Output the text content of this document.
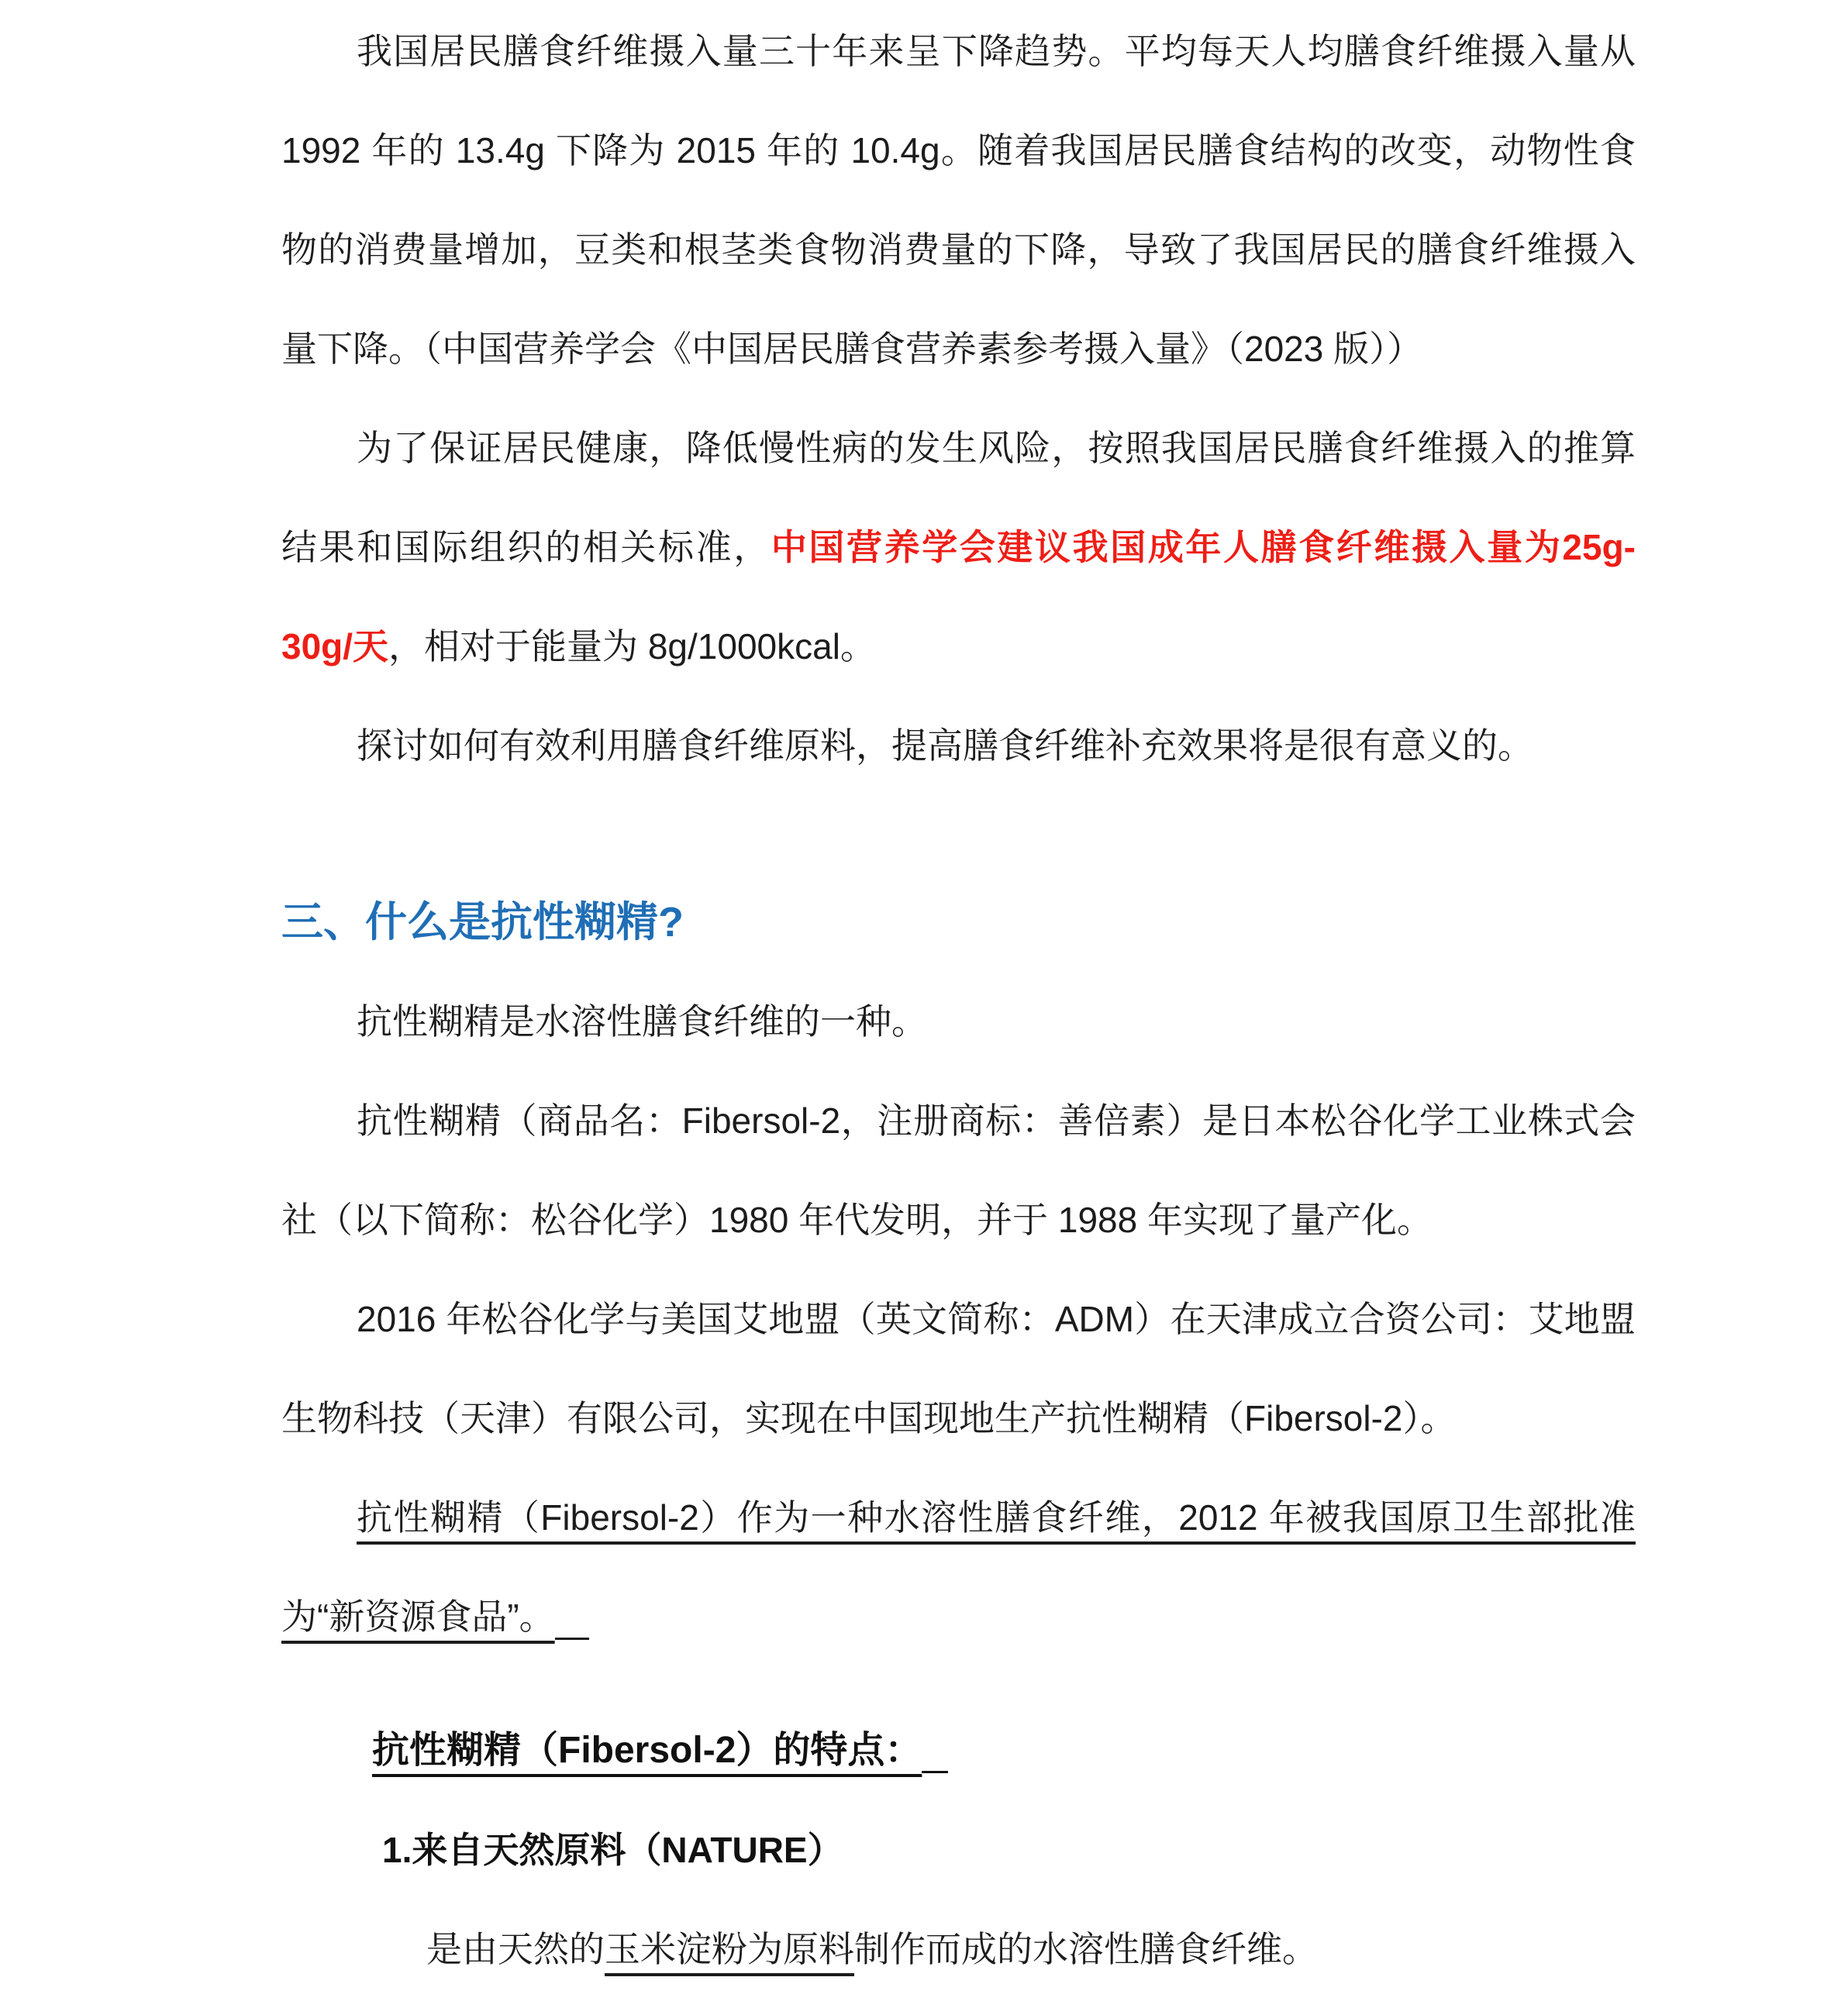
我国居民膳食纤维摄入量三十年来呈下降趋势。平均每天人均膳食纤维摄入量从 1992 年的 13.4g 下降为 2015 年的 10.4g。随着我国居民膳食结构的改变，动物性食物的消费量增加，豆类和根茎类食物消费量的下降，导致了我国居民的膳食纤维摄入量下降。（中国营养学会《中国居民膳食营养素参考摄入量》（2023 版））

为了保证居民健康，降低慢性病的发生风险，按照我国居民膳食纤维摄入的推算结果和国际组织的相关标准，中国营养学会建议我国成年人膳食纤维摄入量为25g-30g/天，相对于能量为 8g/1000kcal。

探讨如何有效利用膳食纤维原料，提高膳食纤维补充效果将是很有意义的。

三、什么是抗性糊精?

抗性糊精是水溶性膳食纤维的一种。

抗性糊精（商品名：Fibersol-2，注册商标：善倍素）是日本松谷化学工业株式会社（以下简称：松谷化学）1980 年代发明，并于 1988 年实现了量产化。

2016 年松谷化学与美国艾地盟（英文简称：ADM）在天津成立合资公司：艾地盟生物科技（天津）有限公司，实现在中国现地生产抗性糊精（Fibersol-2）。

抗性糊精（Fibersol-2）作为一种水溶性膳食纤维，2012 年被我国原卫生部批准为“新资源食品”。

抗性糊精（Fibersol-2）的特点：
1.来自天然原料（NATURE）

是由天然的玉米淀粉为原料制作而成的水溶性膳食纤维。
